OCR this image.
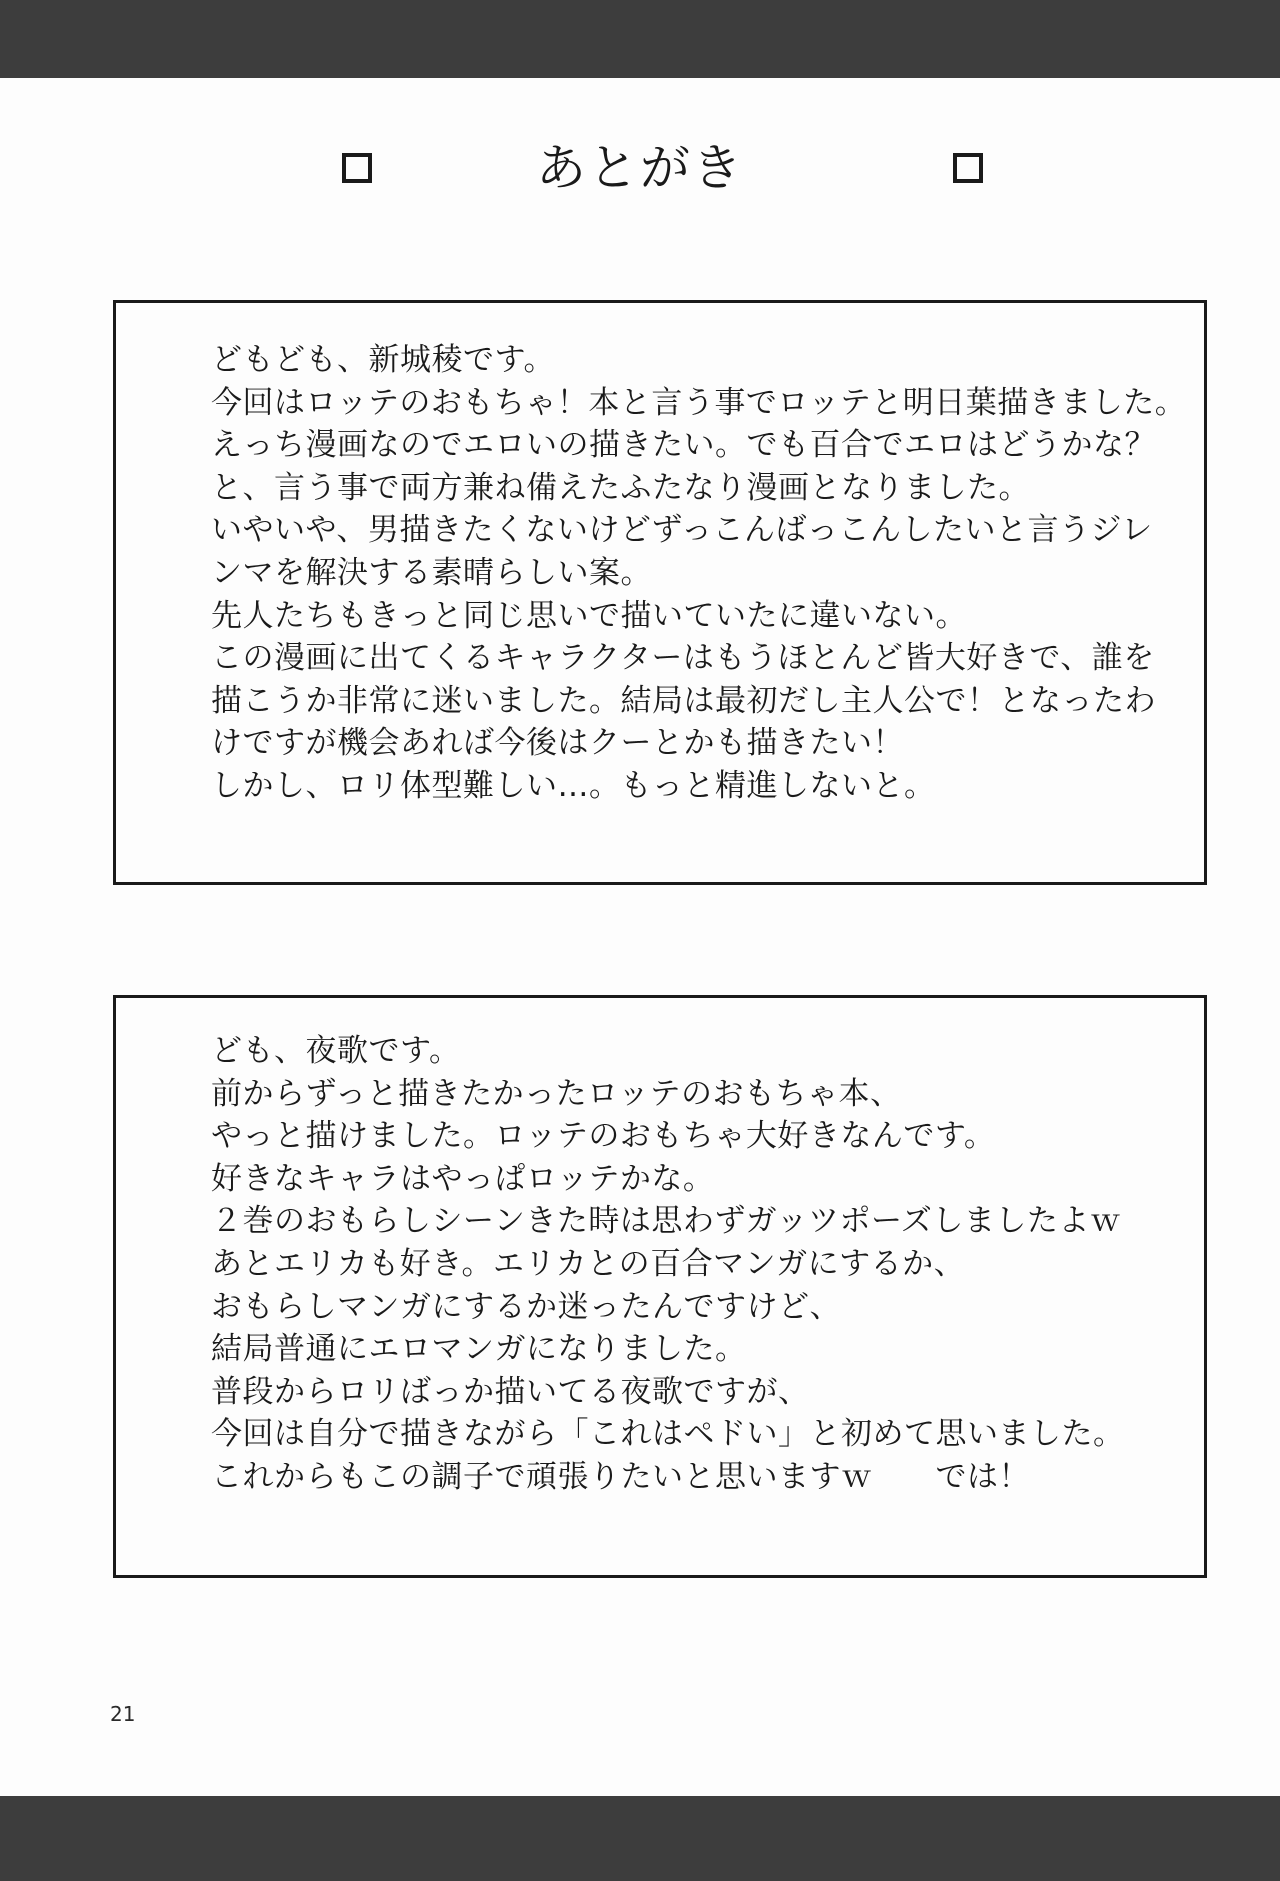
あとがき
どもども、新城稜です。
今回はロッテのおもちゃ！本と言う事でロッテと明日葉描きました。
えっち漫画なのでエロいの描きたい。でも百合でエロはどうかな？
と、言う事で両方兼ね備えたふたなり漫画となりました。
いやいや、男描きたくないけどずっこんばっこんしたいと言うジレ
ンマを解決する素晴らしい案。
先人たちもきっと同じ思いで描いていたに違いない。
この漫画に出てくるキャラクターはもうほとんど皆大好きで、誰を
描こうか非常に迷いました。結局は最初だし主人公で！となったわ
けですが機会あれば今後はクーとかも描きたい！
しかし、ロリ体型難しい…。もっと精進しないと。
ども、夜歌です。
前からずっと描きたかったロッテのおもちゃ本、
やっと描けました。ロッテのおもちゃ大好きなんです。
好きなキャラはやっぱロッテかな。
２巻のおもらしシーンきた時は思わずガッツポーズしましたよｗ
あとエリカも好き。エリカとの百合マンガにするか、
おもらしマンガにするか迷ったんですけど、
結局普通にエロマンガになりました。
普段からロリばっか描いてる夜歌ですが、
今回は自分で描きながら「これはペドい」と初めて思いました。
これからもこの調子で頑張りたいと思いますｗ　　では！
21
